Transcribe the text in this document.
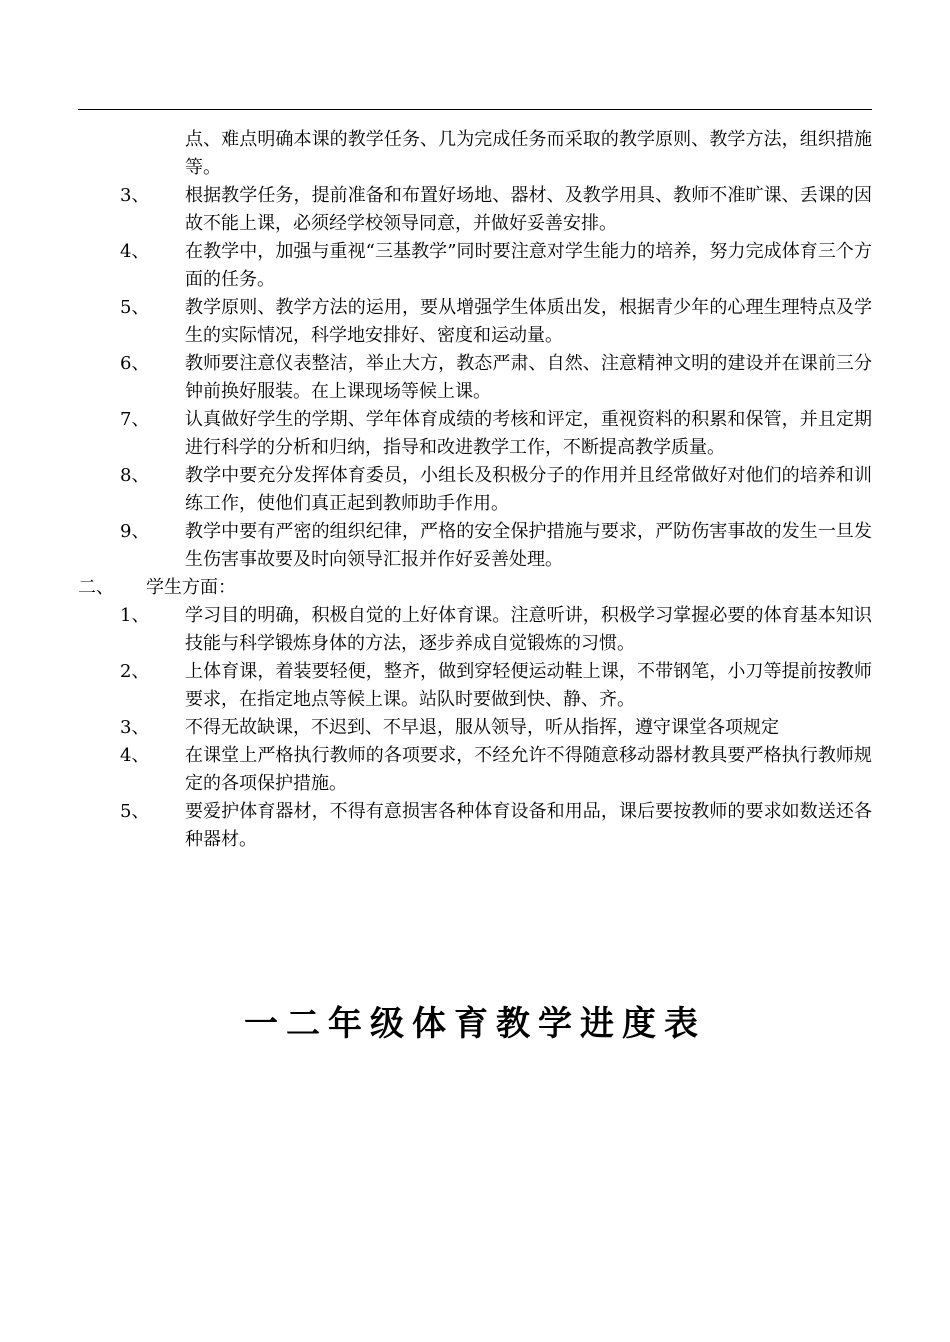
点、难点明确本课的教学任务、几为完成任务而采取的教学原则、教学方法，组织措施等。
3、	根据教学任务，提前准备和布置好场地、器材、及教学用具、教师不准旷课、丢课的因故不能上课，必须经学校领导同意，并做好妥善安排。
4、	在教学中，加强与重视“三基教学”同时要注意对学生能力的培养，努力完成体育三个方面的任务。
5、	教学原则、教学方法的运用，要从增强学生体质出发，根据青少年的心理生理特点及学生的实际情况，科学地安排好、密度和运动量。
6、	教师要注意仪表整洁，举止大方，教态严肃、自然、注意精神文明的建设并在课前三分钟前换好服装。在上课现场等候上课。
7、	认真做好学生的学期、学年体育成绩的考核和评定，重视资料的积累和保管，并且定期进行科学的分析和归纳，指导和改进教学工作，不断提高教学质量。
8、	教学中要充分发挥体育委员，小组长及积极分子的作用并且经常做好对他们的培养和训练工作，使他们真正起到教师助手作用。
9、	教学中要有严密的组织纪律，严格的安全保护措施与要求，严防伤害事故的发生一旦发生伤害事故要及时向领导汇报并作好妥善处理。
二、	学生方面：
1、	学习目的明确，积极自觉的上好体育课。注意听讲，积极学习掌握必要的体育基本知识技能与科学锻炼身体的方法，逐步养成自觉锻炼的习惯。
2、	上体育课，着装要轻便，整齐，做到穿轻便运动鞋上课，不带钢笔，小刀等提前按教师要求，在指定地点等候上课。站队时要做到快、静、齐。
3、	不得无故缺课，不迟到、不早退，服从领导，听从指挥，遵守课堂各项规定
4、	在课堂上严格执行教师的各项要求，不经允许不得随意移动器材教具要严格执行教师规定的各项保护措施。
5、	要爱护体育器材，不得有意损害各种体育设备和用品，课后要按教师的要求如数送还各种器材。
一二年级体育教学进度表
